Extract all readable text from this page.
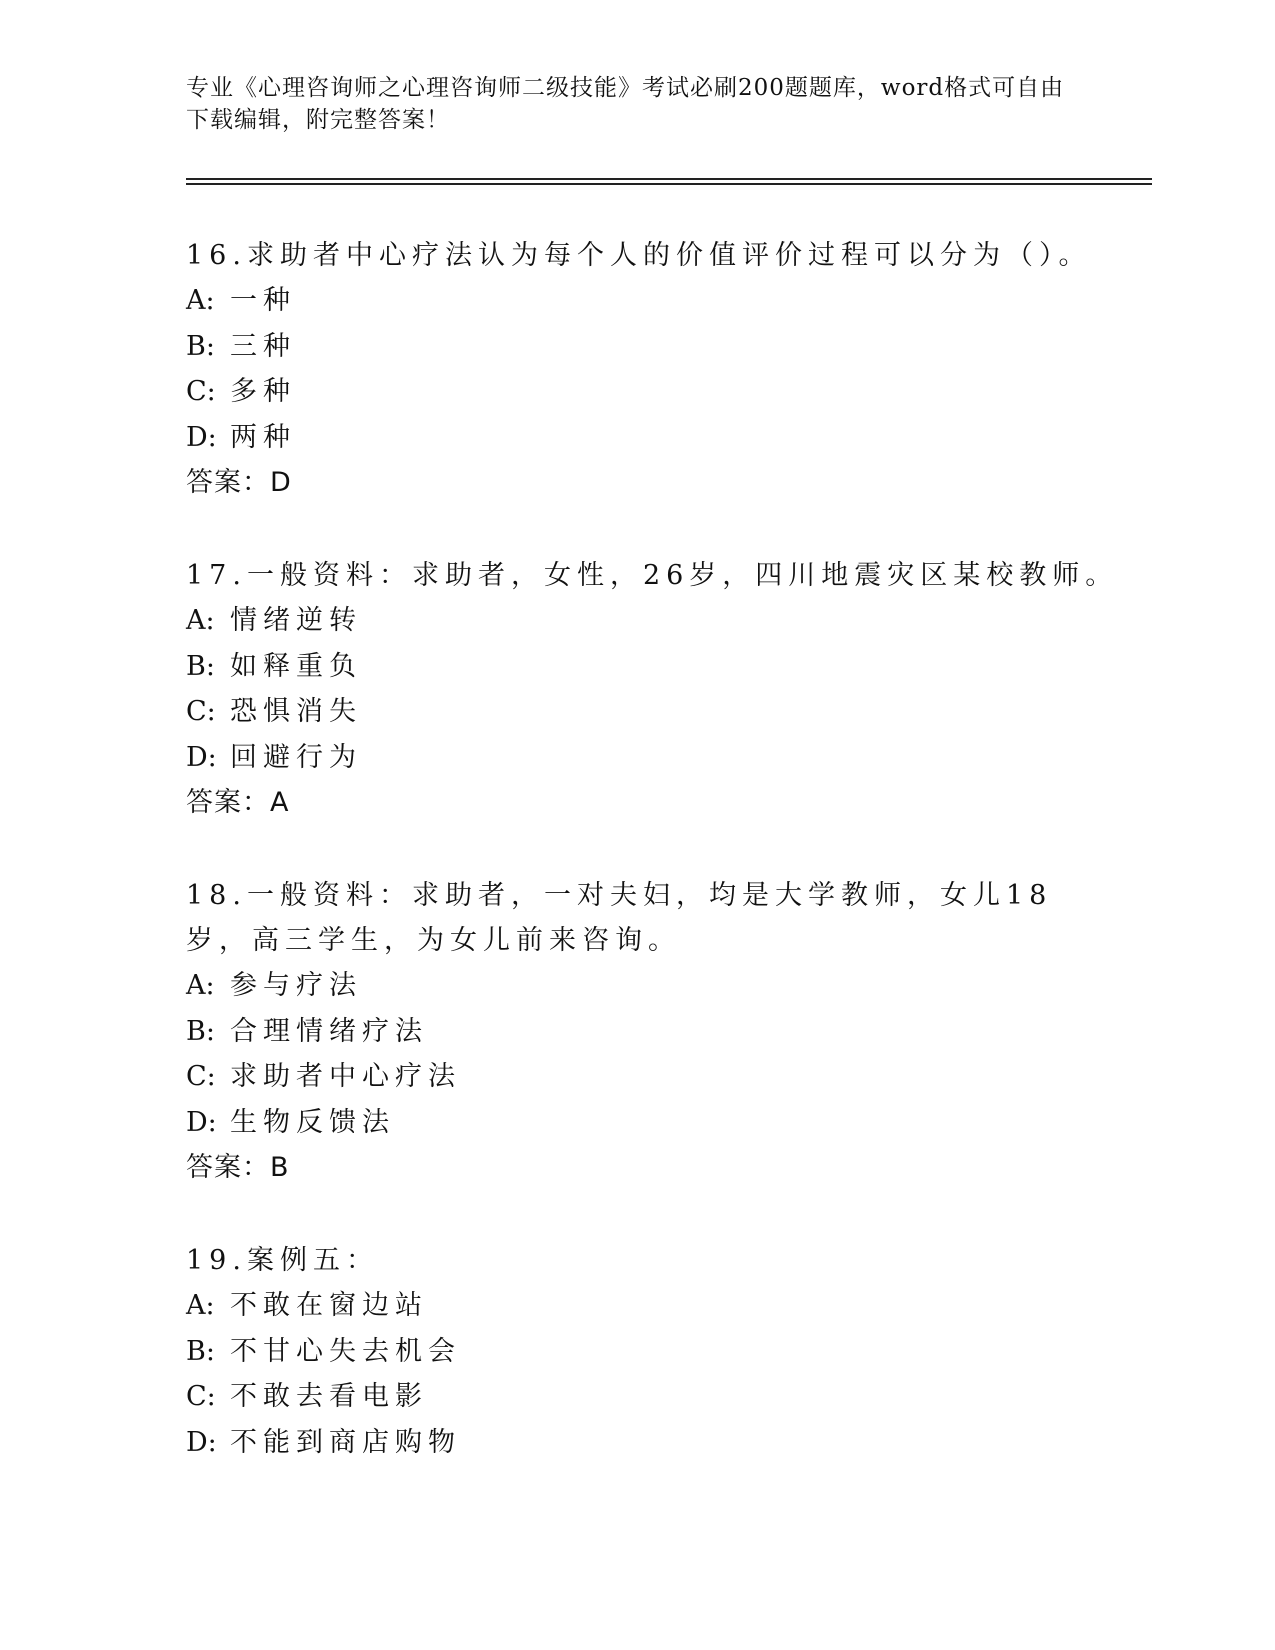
专业《心理咨询师之心理咨询师二级技能》考试必刷200题题库，word格式可自由下载编辑，附完整答案！
16.求助者中心疗法认为每个人的价值评价过程可以分为（）。
A: 一种
B: 三种
C: 多种
D: 两种
答案：D
17.一般资料：求助者，女性，26岁，四川地震灾区某校教师。
A: 情绪逆转
B: 如释重负
C: 恐惧消失
D: 回避行为
答案：A
18.一般资料：求助者，一对夫妇，均是大学教师，女儿18岁，高三学生，为女儿前来咨询。
A: 参与疗法
B: 合理情绪疗法
C: 求助者中心疗法
D: 生物反馈法
答案：B
19.案例五：
A: 不敢在窗边站
B: 不甘心失去机会
C: 不敢去看电影
D: 不能到商店购物
